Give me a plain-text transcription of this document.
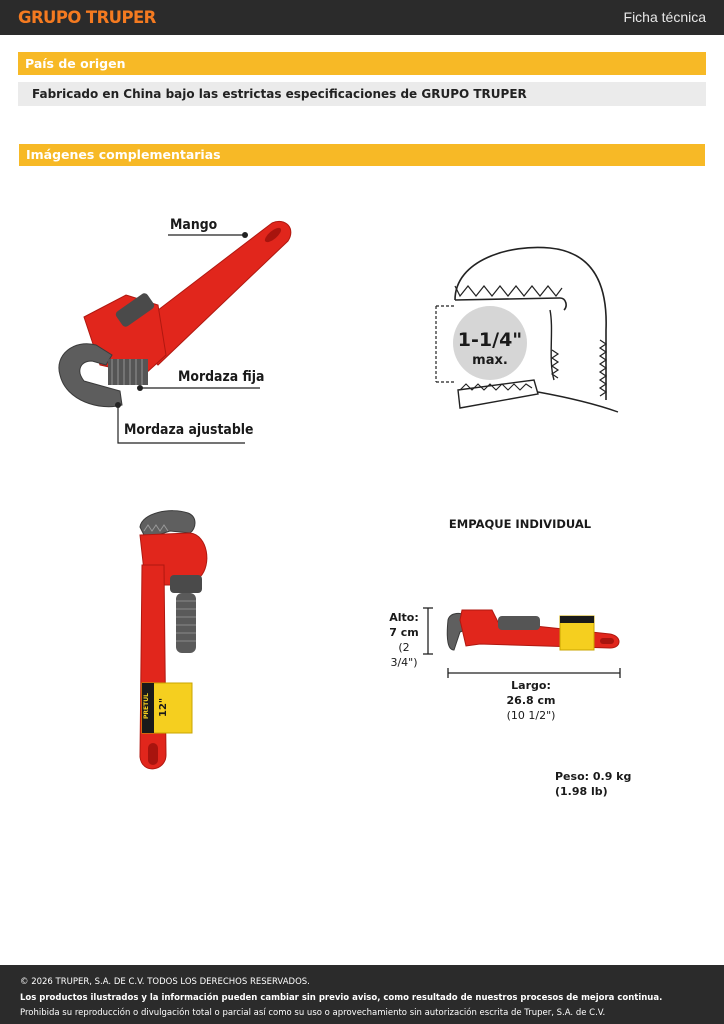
GRUPO TRUPER	Ficha técnica
País de origen
Fabricado en China bajo las estrictas especificaciones de GRUPO TRUPER
Imágenes complementarias
Mango
Mordaza fija
Mordaza ajustable
1-1/4"
max.
PRETUL 12"
EMPAQUE INDIVIDUAL
Alto:
7 cm
(2 3/4")
Largo:
26.8 cm
(10 1/2")
Peso: 0.9 kg (1.98 lb)
© 2026 TRUPER, S.A. DE C.V. TODOS LOS DERECHOS RESERVADOS.
Los productos ilustrados y la información pueden cambiar sin previo aviso, como resultado de nuestros procesos de mejora continua.
Prohibida su reproducción o divulgación total o parcial así como su uso o aprovechamiento sin autorización escrita de Truper, S.A. de C.V.
